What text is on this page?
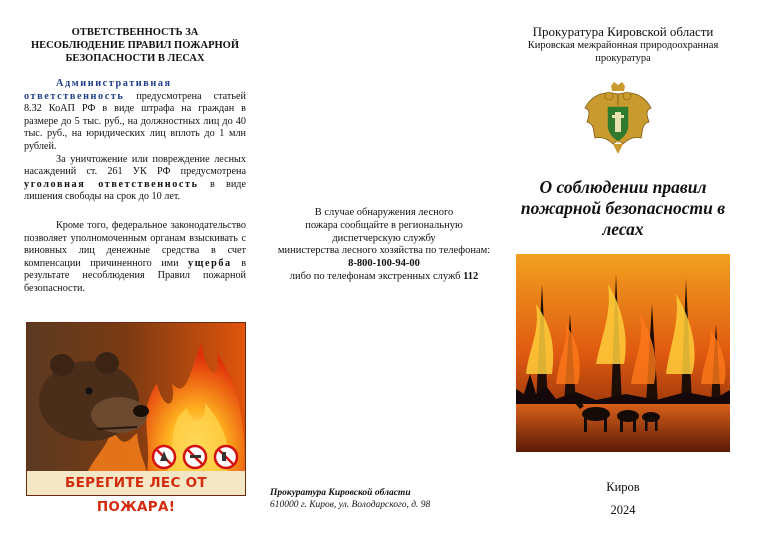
ОТВЕТСТВЕННОСТЬ ЗА НЕСОБЛЮДЕНИЕ ПРАВИЛ ПОЖАРНОЙ БЕЗОПАСНОСТИ В ЛЕСАХ

Административная ответственность предусмотрена статьей 8.32 КоАП РФ в виде штрафа на граждан в размере до 5 тыс. руб., на должностных лиц до 40 тыс. руб., на юридических лиц вплоть до 1 млн рублей.

За уничтожение или повреждение лесных насаждений ст. 261 УК РФ предусмотрена уголовная ответственность в виде лишения свободы на срок до 10 лет.

Кроме того, федеральное законодательство позволяет уполномоченным органам взыскивать с виновных лиц денежные средства в счет компенсации причиненного ими ущерба в результате несоблюдения Правил пожарной безопасности.

БЕРЕГИТЕ ЛЕС ОТ ПОЖАРА!
В случае обнаружения лесного
пожара сообщайте в региональную
диспетчерскую службу
министерства лесного хозяйства по телефонам:
8-800-100-94-00
либо по телефонам экстренных служб 112
Прокуратура Кировской области
610000 г. Киров, ул. Володарского, д. 98
Прокуратура Кировской области
Кировская межрайонная природоохранная прокуратура
О соблюдении правил пожарной безопасности в лесах
Киров
2024
